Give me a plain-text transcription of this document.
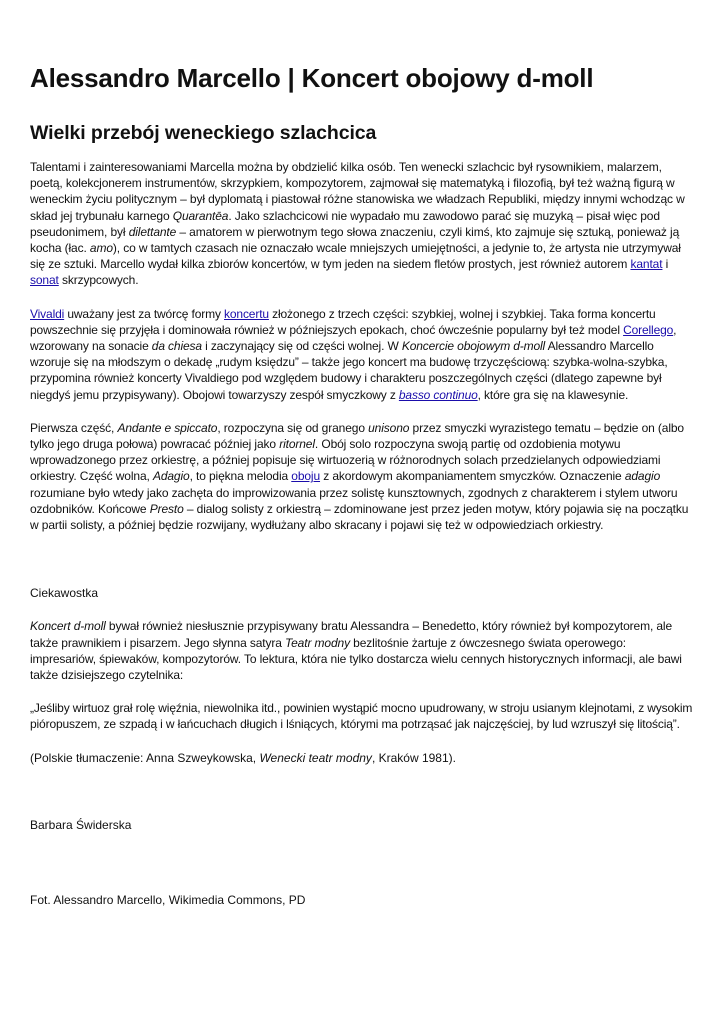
Alessandro Marcello | Koncert obojowy d-moll
Wielki przebój weneckiego szlachcica

Talentami i zainteresowaniami Marcella można by obdzielić kilka osób. Ten wenecki szlachcic był rysownikiem, malarzem, poetą, kolekcjonerem instrumentów, skrzypkiem, kompozytorem, zajmował się matematyką i filozofią, był też ważną figurą w weneckim życiu politycznym – był dyplomatą i piastował różne stanowiska we władzach Republiki, między innymi wchodząc w skład jej trybunału karnego Quarantēa. Jako szlachcicowi nie wypadało mu zawodowo parać się muzyką – pisał więc pod pseudonimem, był dilettante – amatorem w pierwotnym tego słowa znaczeniu, czyli kimś, kto zajmuje się sztuką, ponieważ ją kocha (łac. amo), co w tamtych czasach nie oznaczało wcale mniejszych umiejętności, a jedynie to, że artysta nie utrzymywał się ze sztuki. Marcello wydał kilka zbiorów koncertów, w tym jeden na siedem fletów prostych, jest również autorem kantat i sonat skrzypcowych.

Vivaldi uważany jest za twórcę formy koncertu złożonego z trzech części: szybkiej, wolnej i szybkiej. Taka forma koncertu powszechnie się przyjęła i dominowała również w późniejszych epokach, choć ówcześnie popularny był też model Corellego, wzorowany na sonacie da chiesa i zaczynający się od części wolnej. W Koncercie obojowym d-moll Alessandro Marcello wzoruje się na młodszym o dekadę „rudym księdzu” – także jego koncert ma budowę trzyczęściową: szybka-wolna-szybka, przypomina również koncerty Vivaldiego pod względem budowy i charakteru poszczególnych części (dlatego zapewne był niegdyś jemu przypisywany). Obojowi towarzyszy zespół smyczkowy z basso continuo, które gra się na klawesynie.

Pierwsza część, Andante e spiccato, rozpoczyna się od granego unisono przez smyczki wyrazistego tematu – będzie on (albo tylko jego druga połowa) powracać później jako ritornel. Obój solo rozpoczyna swoją partię od ozdobienia motywu wprowadzonego przez orkiestrę, a później popisuje się wirtuozerią w różnorodnych solach przedzielanych odpowiedziami orkiestry. Część wolna, Adagio, to piękna melodia oboju z akordowym akompaniamentem smyczków. Oznaczenie adagio rozumiane było wtedy jako zachęta do improwizowania przez solistę kunsztownych, zgodnych z charakterem i stylem utworu ozdobników. Końcowe Presto – dialog solisty z orkiestrą – zdominowane jest przez jeden motyw, który pojawia się na początku w partii solisty, a później będzie rozwijany, wydłużany albo skracany i pojawi się też w odpowiedziach orkiestry.

Ciekawostka

Koncert d-moll bywał również niesłusznie przypisywany bratu Alessandra – Benedetto, który również był kompozytorem, ale także prawnikiem i pisarzem. Jego słynna satyra Teatr modny bezlitośnie żartuje z ówczesnego świata operowego: impresariów, śpiewaków, kompozytorów. To lektura, która nie tylko dostarcza wielu cennych historycznych informacji, ale bawi także dzisiejszego czytelnika:

„Jeśliby wirtuoz grał rolę więźnia, niewolnika itd., powinien wystąpić mocno upudrowany, w stroju usianym klejnotami, z wysokim pióropuszem, ze szpadą i w łańcuchach długich i lśniących, którymi ma potrząsać jak najczęściej, by lud wzruszył się litością”.

(Polskie tłumaczenie: Anna Szweykowska, Wenecki teatr modny, Kraków 1981).

Barbara Świderska

Fot. Alessandro Marcello, Wikimedia Commons, PD
